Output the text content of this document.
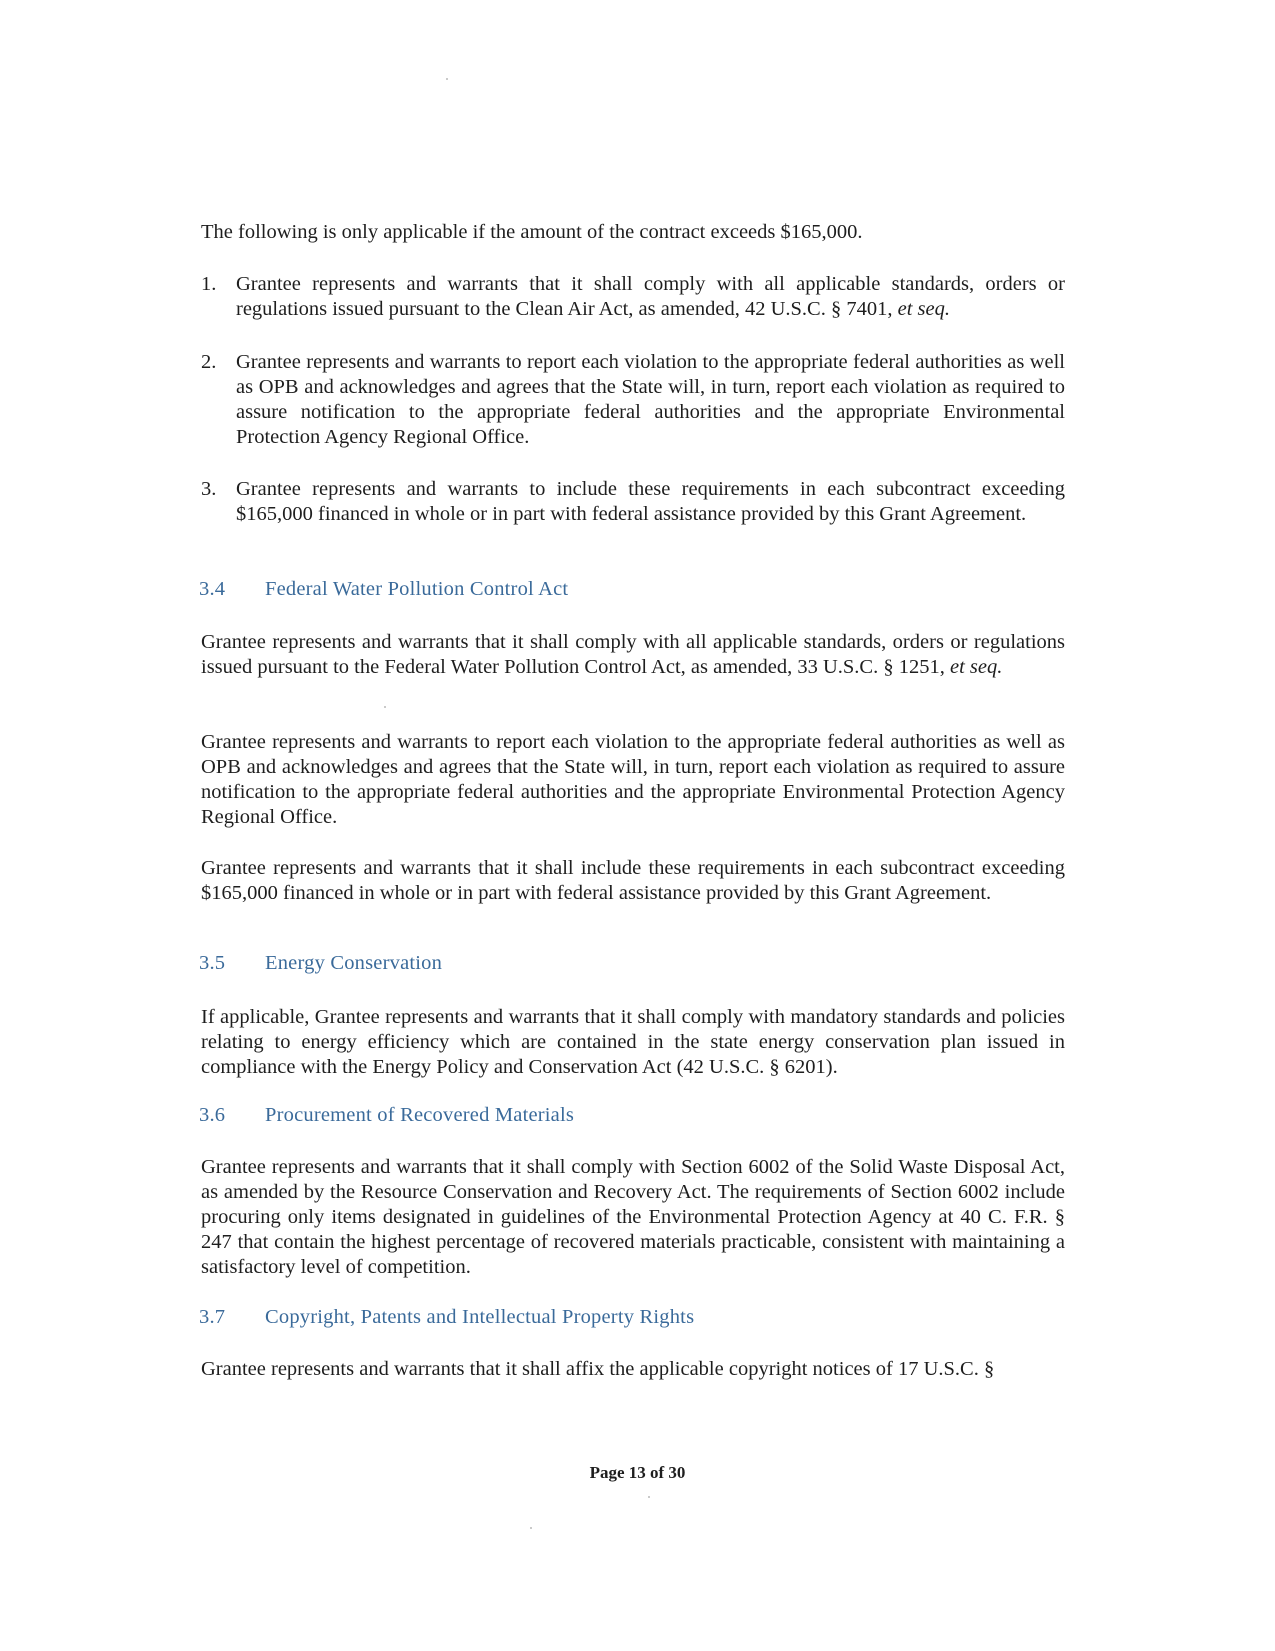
The following is only applicable if the amount of the contract exceeds $165,000.

1. Grantee represents and warrants that it shall comply with all applicable standards, orders or regulations issued pursuant to the Clean Air Act, as amended, 42 U.S.C. § 7401, et seq.
2. Grantee represents and warrants to report each violation to the appropriate federal authorities as well as OPB and acknowledges and agrees that the State will, in turn, report each violation as required to assure notification to the appropriate federal authorities and the appropriate Environmental Protection Agency Regional Office.
3. Grantee represents and warrants to include these requirements in each subcontract exceeding $165,000 financed in whole or in part with federal assistance provided by this Grant Agreement.
3.4 Federal Water Pollution Control Act

Grantee represents and warrants that it shall comply with all applicable standards, orders or regulations issued pursuant to the Federal Water Pollution Control Act, as amended, 33 U.S.C. § 1251, et seq.

Grantee represents and warrants to report each violation to the appropriate federal authorities as well as OPB and acknowledges and agrees that the State will, in turn, report each violation as required to assure notification to the appropriate federal authorities and the appropriate Environmental Protection Agency Regional Office.

Grantee represents and warrants that it shall include these requirements in each subcontract exceeding $165,000 financed in whole or in part with federal assistance provided by this Grant Agreement.

3.5 Energy Conservation

If applicable, Grantee represents and warrants that it shall comply with mandatory standards and policies relating to energy efficiency which are contained in the state energy conservation plan issued in compliance with the Energy Policy and Conservation Act (42 U.S.C. § 6201).

3.6 Procurement of Recovered Materials

Grantee represents and warrants that it shall comply with Section 6002 of the Solid Waste Disposal Act, as amended by the Resource Conservation and Recovery Act. The requirements of Section 6002 include procuring only items designated in guidelines of the Environmental Protection Agency at 40 C. F.R. § 247 that contain the highest percentage of recovered materials practicable, consistent with maintaining a satisfactory level of competition.

3.7 Copyright, Patents and Intellectual Property Rights

Grantee represents and warrants that it shall affix the applicable copyright notices of 17 U.S.C. §

Page 13 of 30
